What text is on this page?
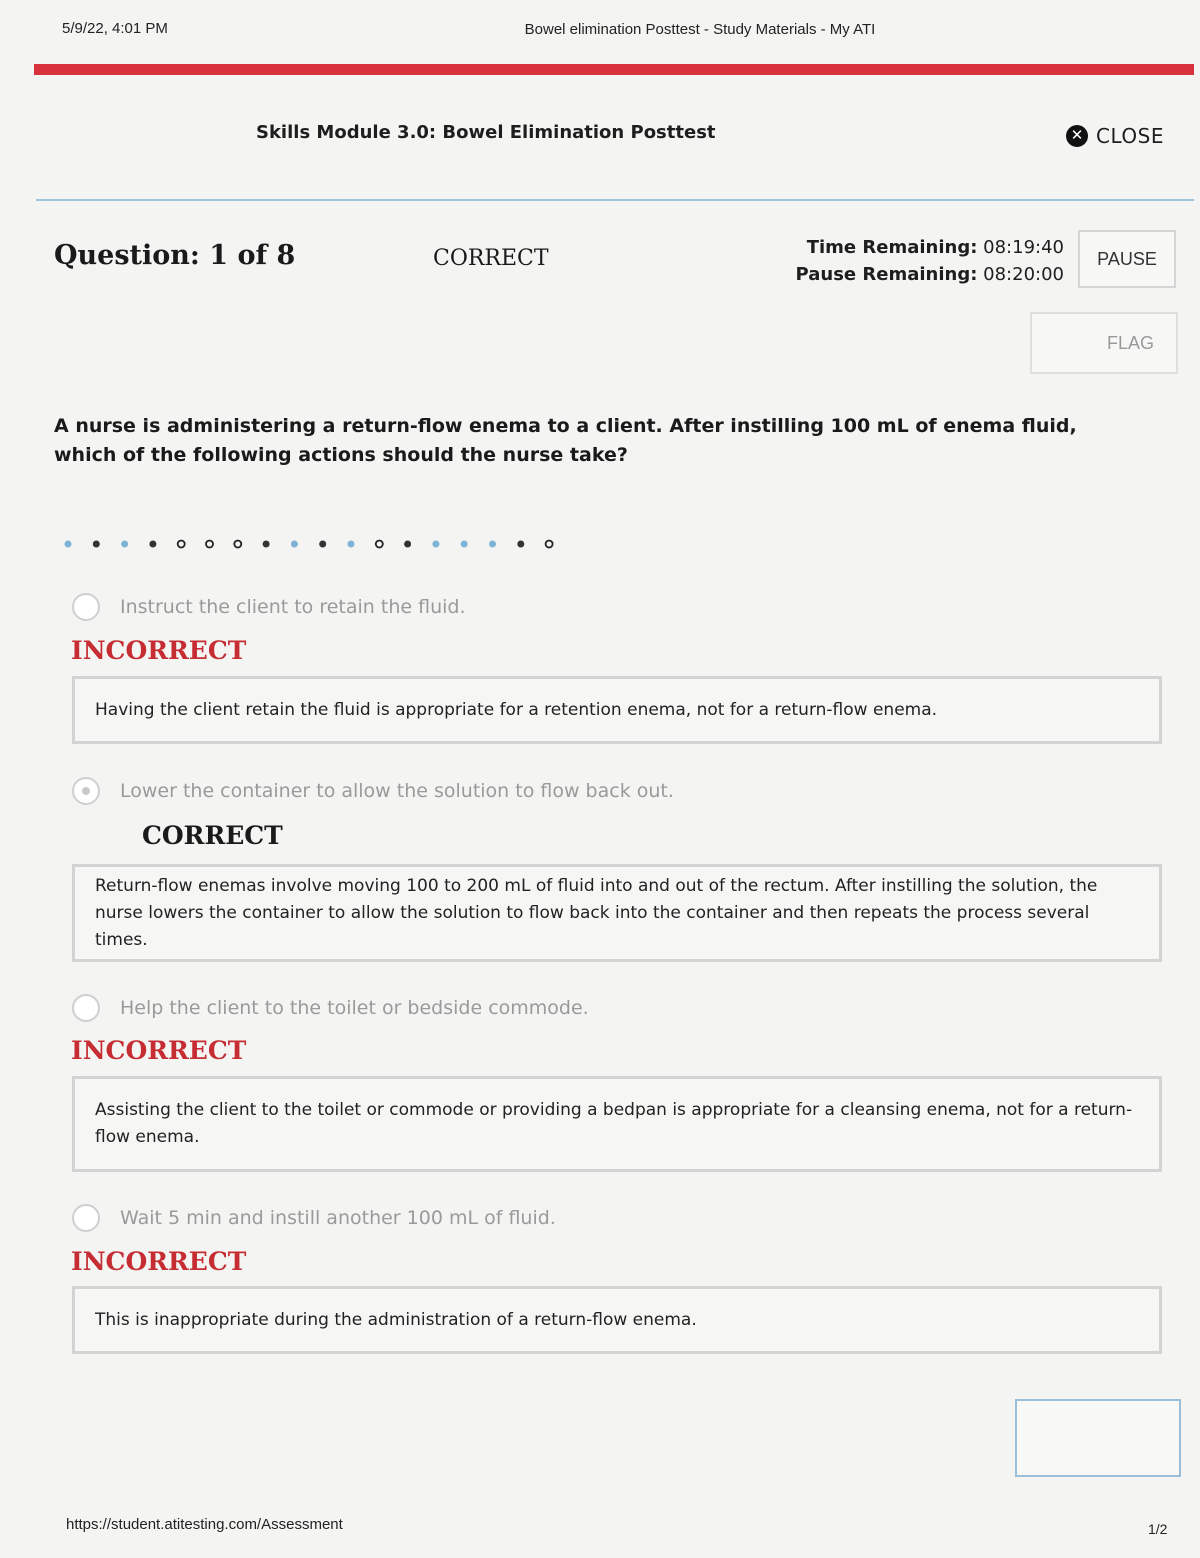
5/9/22, 4:01 PM	Bowel elimination Posttest - Study Materials - My ATI
Skills Module 3.0: Bowel Elimination Posttest	✕ CLOSE
Question: 1 of 8	CORRECT	Time Remaining: 08:19:40
Pause Remaining: 08:20:00
PAUSE
FLAG
A nurse is administering a return-flow enema to a client. After instilling 100 mL of enema fluid, which of the following actions should the nurse take?
Instruct the client to retain the fluid.
INCORRECT
Having the client retain the fluid is appropriate for a retention enema, not for a return-flow enema.
Lower the container to allow the solution to flow back out.
CORRECT
Return-flow enemas involve moving 100 to 200 mL of fluid into and out of the rectum. After instilling the solution, the nurse lowers the container to allow the solution to flow back into the container and then repeats the process several times.
Help the client to the toilet or bedside commode.
INCORRECT
Assisting the client to the toilet or commode or providing a bedpan is appropriate for a cleansing enema, not for a return-flow enema.
Wait 5 min and instill another 100 mL of fluid.
INCORRECT
This is inappropriate during the administration of a return-flow enema.
https://student.atitesting.com/Assessment	1/2
